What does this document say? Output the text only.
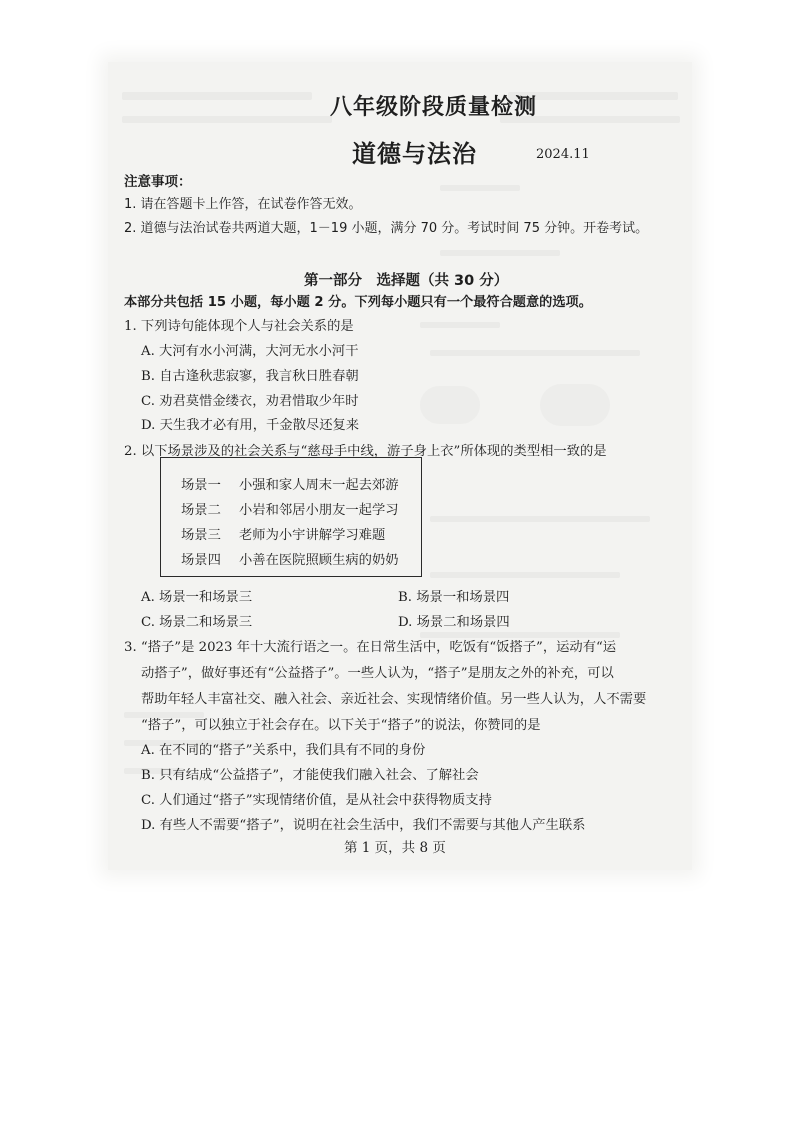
八年级阶段质量检测
道德与法治	2024.11
注意事项：
1. 请在答题卡上作答，在试卷作答无效。
2. 道德与法治试卷共两道大题，1－19 小题，满分 70 分。考试时间 75 分钟。开卷考试。
第一部分　选择题（共 30 分）
本部分共包括 15 小题，每小题 2 分。下列每小题只有一个最符合题意的选项。
1. 下列诗句能体现个人与社会关系的是
A. 大河有水小河满，大河无水小河干
B. 自古逢秋悲寂寥，我言秋日胜春朝
C. 劝君莫惜金缕衣，劝君惜取少年时
D. 天生我才必有用，千金散尽还复来
2. 以下场景涉及的社会关系与“慈母手中线，游子身上衣”所体现的类型相一致的是
场景一 小强和家人周末一起去郊游
场景二 小岩和邻居小朋友一起学习
场景三 老师为小宇讲解学习难题
场景四 小善在医院照顾生病的奶奶
A. 场景一和场景三	B. 场景一和场景四
C. 场景二和场景三	D. 场景二和场景四
3. “搭子”是 2023 年十大流行语之一。在日常生活中，吃饭有“饭搭子”，运动有“运
动搭子”，做好事还有“公益搭子”。一些人认为，“搭子”是朋友之外的补充，可以
帮助年轻人丰富社交、融入社会、亲近社会、实现情绪价值。另一些人认为，人不需要
“搭子”，可以独立于社会存在。以下关于“搭子”的说法，你赞同的是
A. 在不同的“搭子”关系中，我们具有不同的身份
B. 只有结成“公益搭子”，才能使我们融入社会、了解社会
C. 人们通过“搭子”实现情绪价值，是从社会中获得物质支持
D. 有些人不需要“搭子”，说明在社会生活中，我们不需要与其他人产生联系
第 1 页，共 8 页
